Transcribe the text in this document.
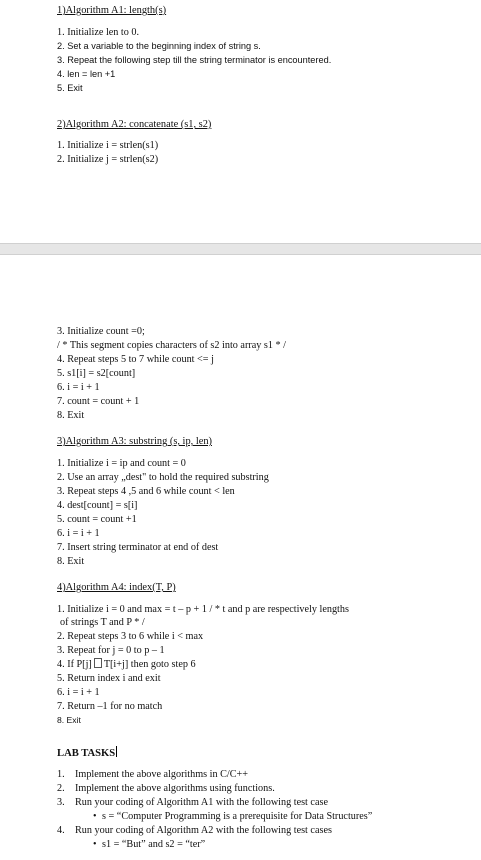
1)Algorithm A1: length(s)
1. Initialize len to 0.
2. Set a variable to the beginning index of string s.
3. Repeat the following step till the string terminator is encountered.
4. len = len +1
5. Exit
2)Algorithm A2: concatenate (s1, s2)
1. Initialize i = strlen(s1)
2. Initialize j = strlen(s2)
3. Initialize count =0;
/ * This segment copies characters of s2 into array s1 * /
4. Repeat steps 5 to 7 while count <= j
5. s1[i] = s2[count]
6. i = i + 1
7. count = count + 1
8. Exit
3)Algorithm A3: substring (s, ip, len)
1. Initialize i = ip and count = 0
2. Use an array „dest" to hold the required substring
3. Repeat steps 4 ,5 and 6 while count < len
4. dest[count] = s[i]
5. count = count +1
6. i = i + 1
7. Insert string terminator at end of dest
8. Exit
4)Algorithm A4: index(T, P)
1. Initialize i = 0 and max = t – p + 1 / * t and p are respectively lengths
of strings T and P * /
2. Repeat steps 3 to 6 while i < max
3. Repeat for j = 0 to p – 1
4. If P[j] T[i+j] then goto step 6
5. Return index i and exit
6. i = i + 1
7. Return –1 for no match
8. Exit
LAB TASKS
1.	Implement the above algorithms in C/C++
2.	Implement the above algorithms using functions.
3.	Run your coding of Algorithm A1 with the following test case
• s = “Computer Programming is a prerequisite for Data Structures”
4.	Run your coding of Algorithm A2 with the following test cases
• s1 = “But” and s2 = “ter”
